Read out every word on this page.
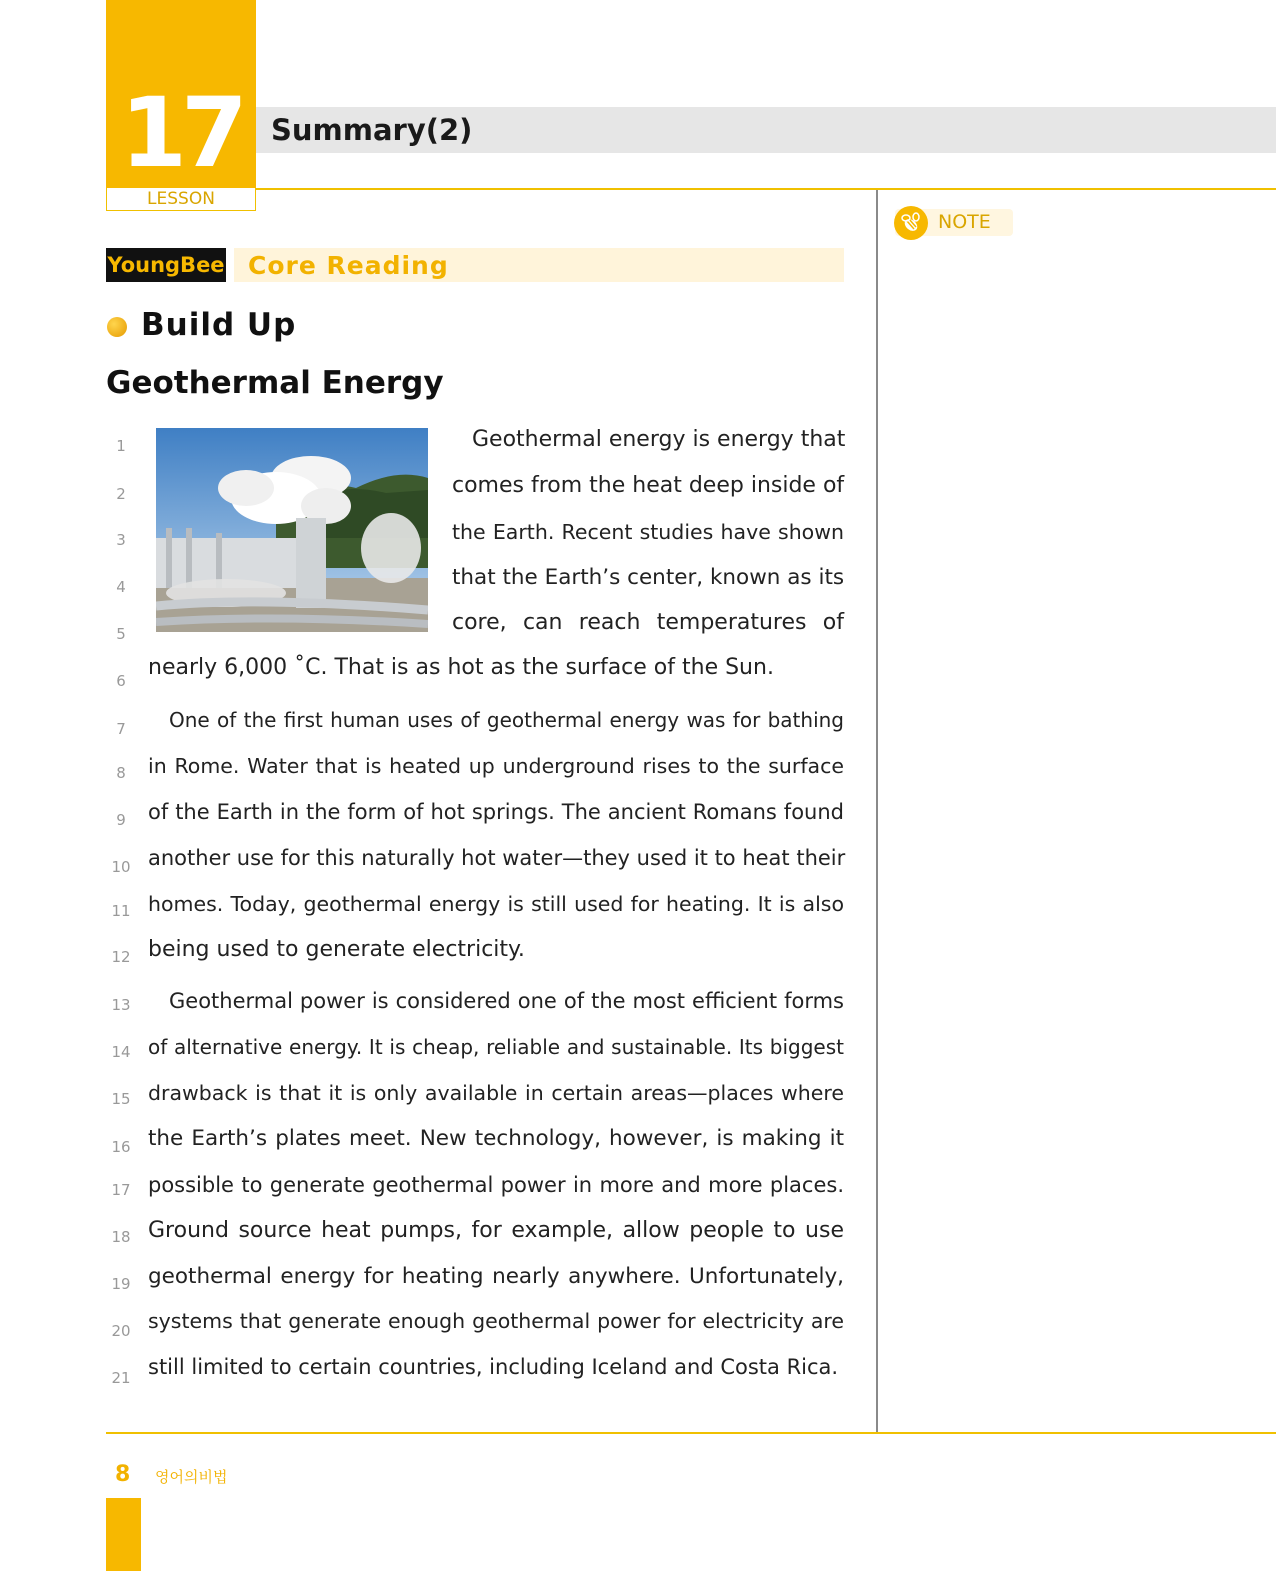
17
LESSON
Summary(2)
NOTE
YoungBee Core Reading
Build Up
Geothermal Energy
1	Geothermal energy is energy that
2	comes from the heat deep inside of
3	the Earth. Recent studies have shown
4	that the Earth’s center, known as its
5	core, can reach temperatures of
6
nearly 6,000 ˚C. That is as hot as the surface of the Sun.
7	One of the first human uses of geothermal energy was for bathing
8	in Rome. Water that is heated up underground rises to the surface
9	of the Earth in the form of hot springs. The ancient Romans found
10 another use for this naturally hot water—they used it to heat their
11 homes. Today, geothermal energy is still used for heating. It is also
12 being used to generate electricity.
13 Geothermal power is considered one of the most efficient forms
14 of alternative energy. It is cheap, reliable and sustainable. Its biggest
15 drawback is that it is only available in certain areas—places where
16 the Earth’s plates meet. New technology, however, is making it
17 possible to generate geothermal power in more and more places.
18 Ground source heat pumps, for example, allow people to use
19 geothermal energy for heating nearly anywhere. Unfortunately,
20 systems that generate enough geothermal power for electricity are
21 still limited to certain countries, including Iceland and Costa Rica.
8 영어의비법
